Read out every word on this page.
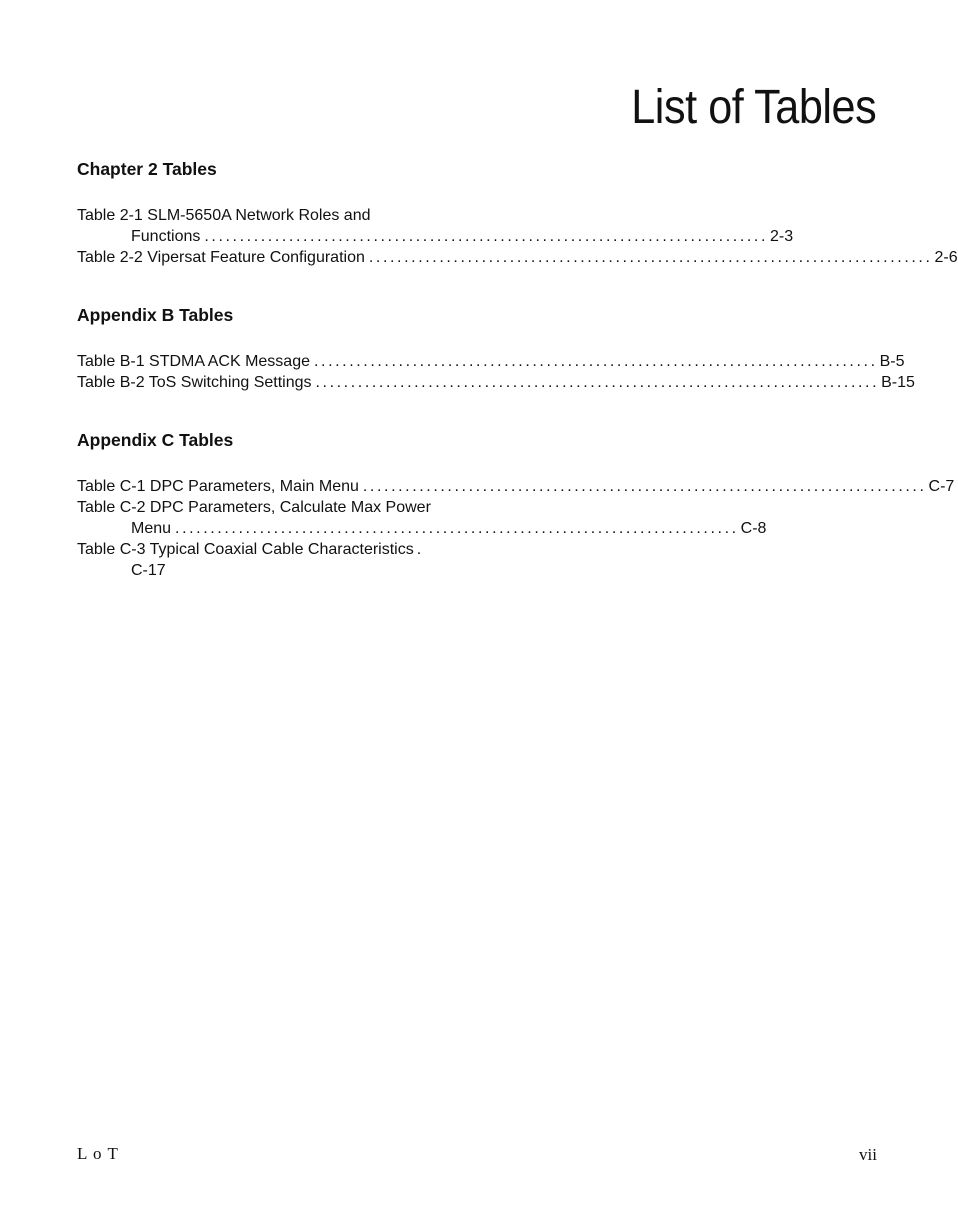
List of Tables
Chapter 2 Tables
Table 2-1 SLM-5650A Network Roles and
Functions ................................................................................ 2-3
Table 2-2 Vipersat Feature Configuration ................................................................................ 2-6
Appendix B Tables
Table B-1 STDMA ACK Message ................................................................................ B-5
Table B-2 ToS Switching Settings ................................................................................ B-15
Appendix C Tables
Table C-1 DPC Parameters, Main Menu ................................................................................ C-7
Table C-2 DPC Parameters, Calculate Max Power
Menu ................................................................................ C-8
Table C-3 Typical Coaxial Cable Characteristics .
C-17
L o T	vii
